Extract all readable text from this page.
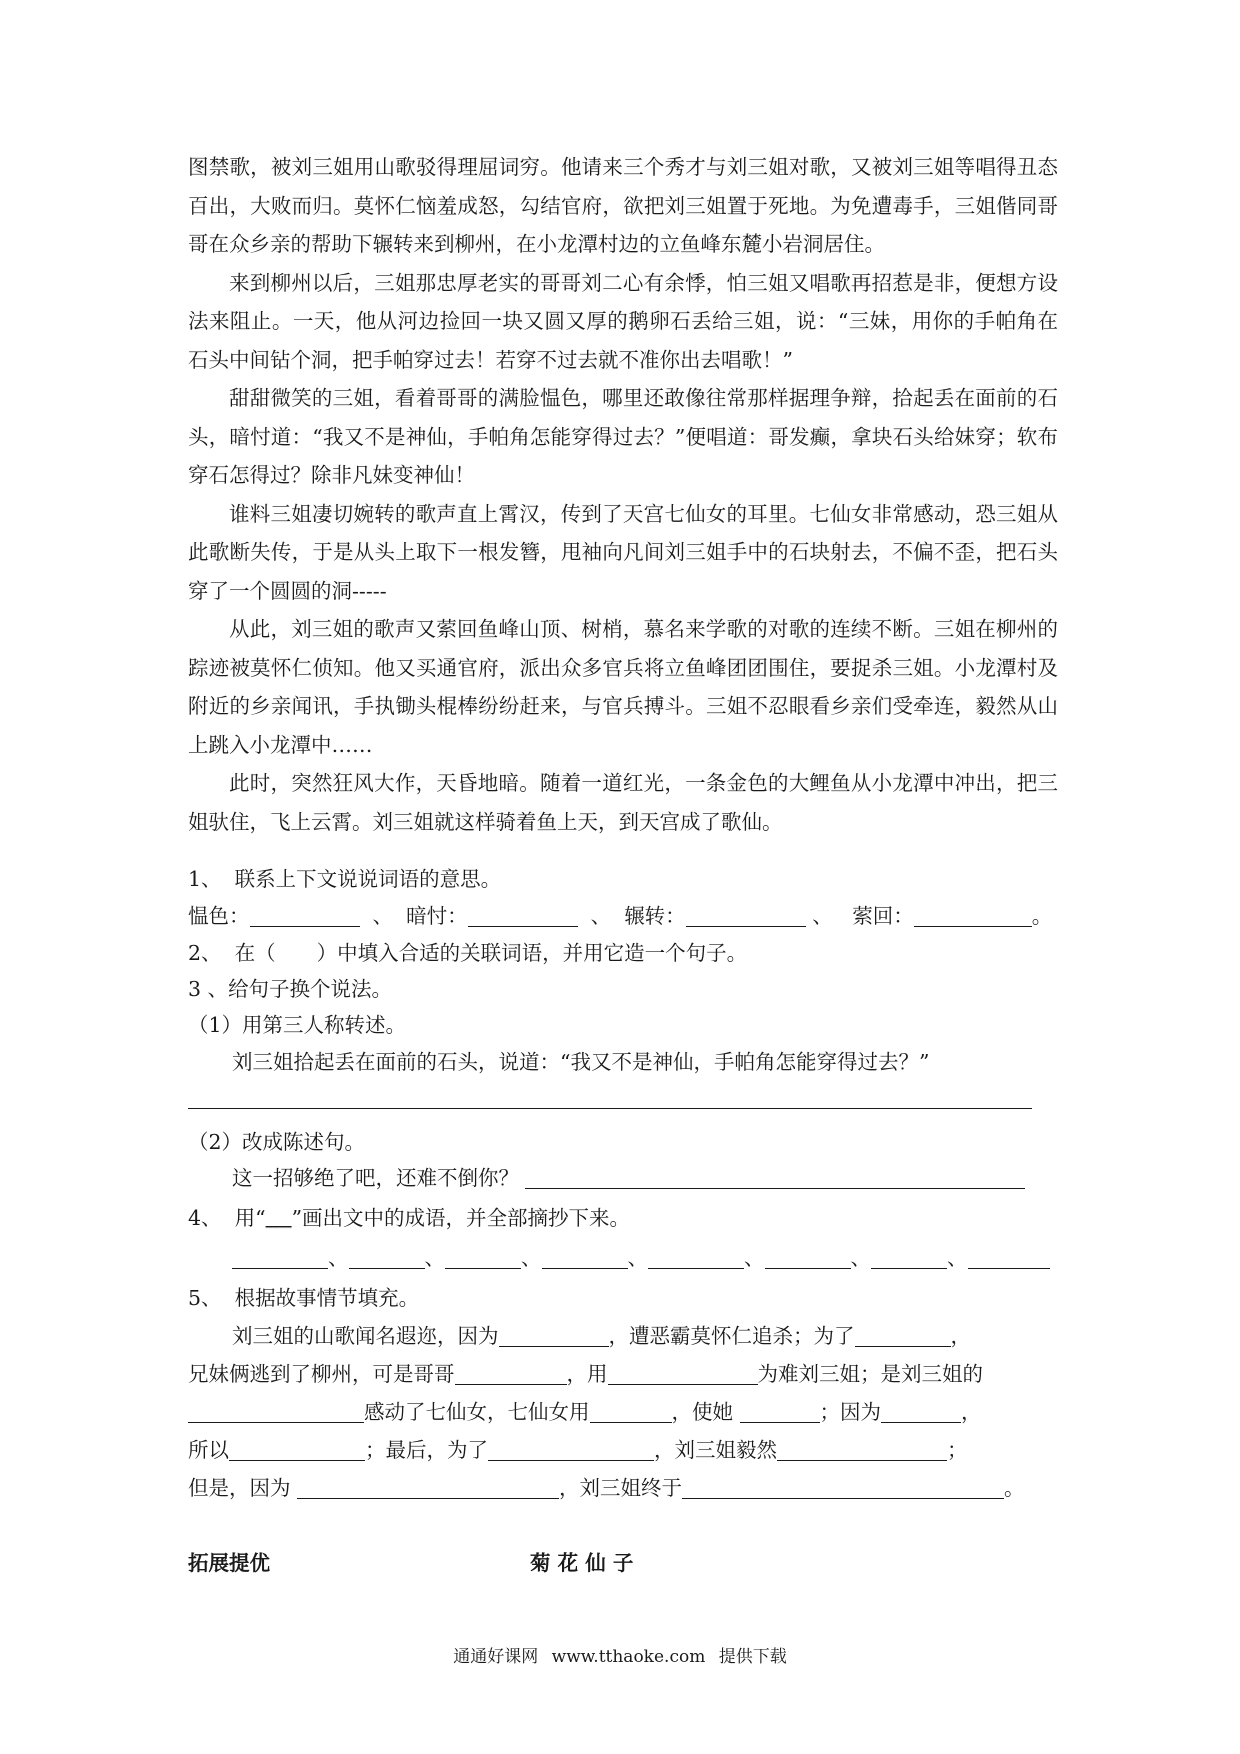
图禁歌，被刘三姐用山歌驳得理屈词穷。他请来三个秀才与刘三姐对歌，又被刘三姐等唱得丑态百出，大败而归。莫怀仁恼羞成怒，勾结官府，欲把刘三姐置于死地。为免遭毒手，三姐偕同哥哥在众乡亲的帮助下辗转来到柳州，在小龙潭村边的立鱼峰东麓小岩洞居住。

来到柳州以后，三姐那忠厚老实的哥哥刘二心有余悸，怕三姐又唱歌再招惹是非，便想方设法来阻止。一天，他从河边捡回一块又圆又厚的鹅卵石丢给三姐，说：“三妹，用你的手帕角在石头中间钻个洞，把手帕穿过去！若穿不过去就不准你出去唱歌！”

甜甜微笑的三姐，看着哥哥的满脸愠色，哪里还敢像往常那样据理争辩，拾起丢在面前的石头，暗忖道：“我又不是神仙，手帕角怎能穿得过去？”便唱道：哥发癫，拿块石头给妹穿；软布穿石怎得过？除非凡妹变神仙！

谁料三姐凄切婉转的歌声直上霄汉，传到了天宫七仙女的耳里。七仙女非常感动，恐三姐从此歌断失传，于是从头上取下一根发簪，甩袖向凡间刘三姐手中的石块射去，不偏不歪，把石头穿了一个圆圆的洞-----

从此，刘三姐的歌声又萦回鱼峰山顶、树梢，慕名来学歌的对歌的连续不断。三姐在柳州的踪迹被莫怀仁侦知。他又买通官府，派出众多官兵将立鱼峰团团围住，要捉杀三姐。小龙潭村及附近的乡亲闻讯，手执锄头棍棒纷纷赶来，与官兵搏斗。三姐不忍眼看乡亲们受牵连，毅然从山上跳入小龙潭中……

此时，突然狂风大作，天昏地暗。随着一道红光，一条金色的大鲤鱼从小龙潭中冲出，把三姐驮住，飞上云霄。刘三姐就这样骑着鱼上天，到天宫成了歌仙。

1、 联系上下文说说词语的意思。
愠色：	、 暗忖：	、 辗转：	、 萦回：	。
2、 在（　　）中填入合适的关联词语，并用它造一个句子。
3 、给句子换个说法。
（1）用第三人称转述。
刘三姐拾起丢在面前的石头，说道：“我又不是神仙，手帕角怎能穿得过去？”
（2）改成陈述句。
这一招够绝了吧，还难不倒你？
4、 用“____”画出文中的成语，并全部摘抄下来。
、	、	、	、	、	、	、
5、 根据故事情节填充。
刘三姐的山歌闻名遐迩，因为	，遭恶霸莫怀仁追杀；为了	，
兄妹俩逃到了柳州，可是哥哥	，用	为难刘三姐；是刘三姐的
感动了七仙女，七仙女用	，使她	；因为	，
所以	；最后，为了	，刘三姐毅然	；
但是，因为	，刘三姐终于	。
拓展提优	菊 花 仙 子
通通好课网 www.tthaoke.com 提供下载
